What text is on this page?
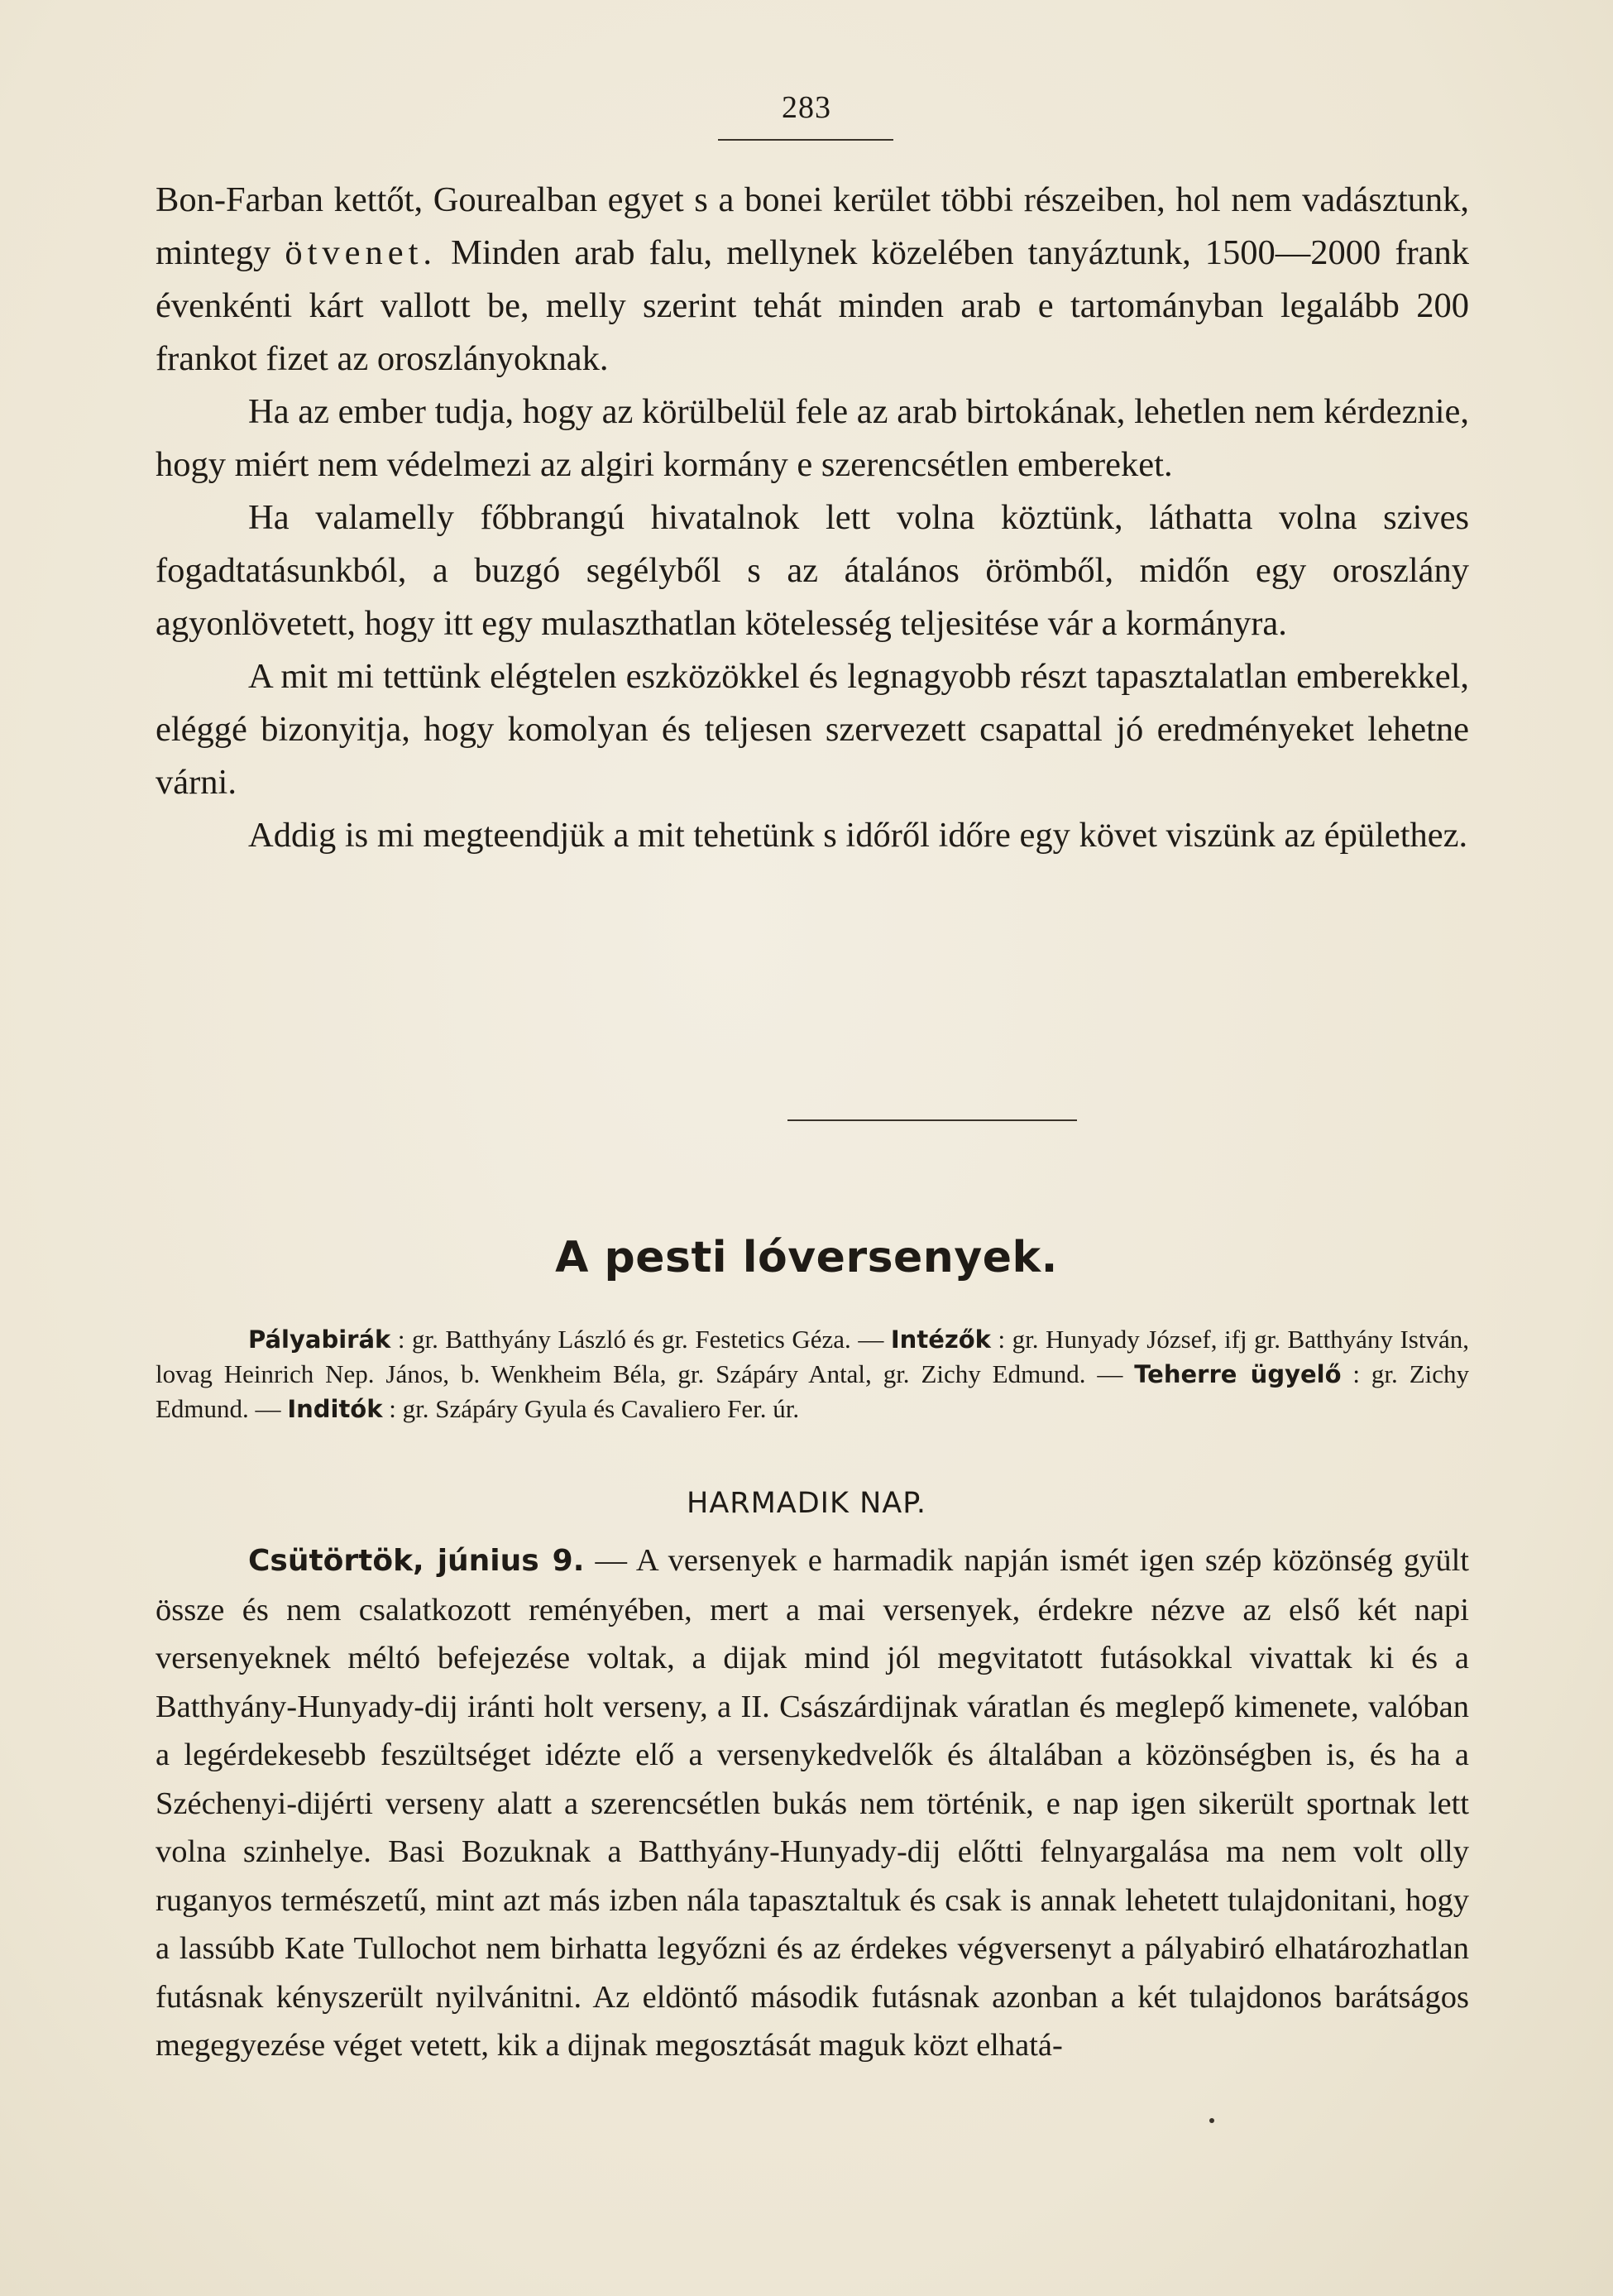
283

Bon-Farban kettőt, Gourealban egyet s a bonei kerület többi részeiben, hol nem vadásztunk, mintegy ötvenet. Minden arab falu, mellynek közelében tanyáztunk, 1500—2000 frank évenkénti kárt vallott be, melly szerint tehát minden arab e tartományban legalább 200 frankot fizet az oroszlányoknak.

Ha az ember tudja, hogy az körülbelül fele az arab birtokának, lehetlen nem kérdeznie, hogy miért nem védelmezi az algiri kormány e szerencsétlen embereket.

Ha valamelly főbbrangú hivatalnok lett volna köztünk, láthatta volna szives fogadtatásunkból, a buzgó segélyből s az átalános örömből, midőn egy oroszlány agyonlövetett, hogy itt egy mulaszthatlan kötelesség teljesitése vár a kormányra.

A mit mi tettünk elégtelen eszközökkel és legnagyobb részt tapasztalatlan emberekkel, eléggé bizonyitja, hogy komolyan és teljesen szervezett csapattal jó eredményeket lehetne várni.

Addig is mi megteendjük a mit tehetünk s időről időre egy követ viszünk az épülethez.

A pesti lóversenyek.

Pályabirák : gr. Batthyány László és gr. Festetics Géza. — Intézők : gr. Hunyady József, ifj gr. Batthyány István, lovag Heinrich Nep. János, b. Wenkheim Béla, gr. Szápáry Antal, gr. Zichy Edmund. — Teherre ügyelő : gr. Zichy Edmund. — Inditók : gr. Szápáry Gyula és Cavaliero Fer. úr.

HARMADIK NAP.

Csütörtök, június 9. — A versenyek e harmadik napján ismét igen szép közönség gyült össze és nem csalatkozott reményében, mert a mai versenyek, érdekre nézve az első két napi versenyeknek méltó befejezése voltak, a dijak mind jól megvitatott futásokkal vivattak ki és a Batthyány-Hunyady-dij iránti holt verseny, a II. Császárdijnak váratlan és meglepő kimenete, valóban a legérdekesebb feszültséget idézte elő a versenykedvelők és általában a közönségben is, és ha a Széchenyi-dijérti verseny alatt a szerencsétlen bukás nem történik, e nap igen sikerült sportnak lett volna szinhelye. Basi Bozuknak a Batthyány-Hunyady-dij előtti felnyargalása ma nem volt olly ruganyos természetű, mint azt más izben nála tapasztaltuk és csak is annak lehetett tulajdonitani, hogy a lassúbb Kate Tullochot nem birhatta legyőzni és az érdekes végversenyt a pályabiró elhatározhatlan futásnak kényszerült nyilvánitni. Az eldöntő második futásnak azonban a két tulajdonos barátságos megegyezése véget vetett, kik a dijnak megosztását maguk közt elhatá-
